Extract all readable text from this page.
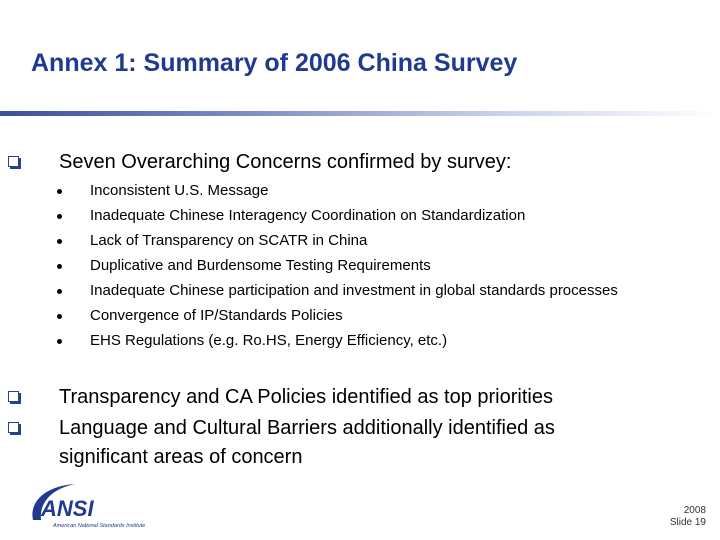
Annex 1: Summary of 2006 China Survey
Seven Overarching Concerns confirmed by survey:
Inconsistent U.S. Message
Inadequate Chinese Interagency Coordination on Standardization
Lack of Transparency on SCATR in China
Duplicative and Burdensome Testing Requirements
Inadequate Chinese participation and investment in global standards processes
Convergence of IP/Standards Policies
EHS Regulations (e.g. Ro.HS, Energy Efficiency, etc.)
Transparency and CA Policies identified as top priorities
Language and Cultural Barriers additionally identified as significant areas of concern
ANSI
American National Standards Institute
2008
Slide 19
